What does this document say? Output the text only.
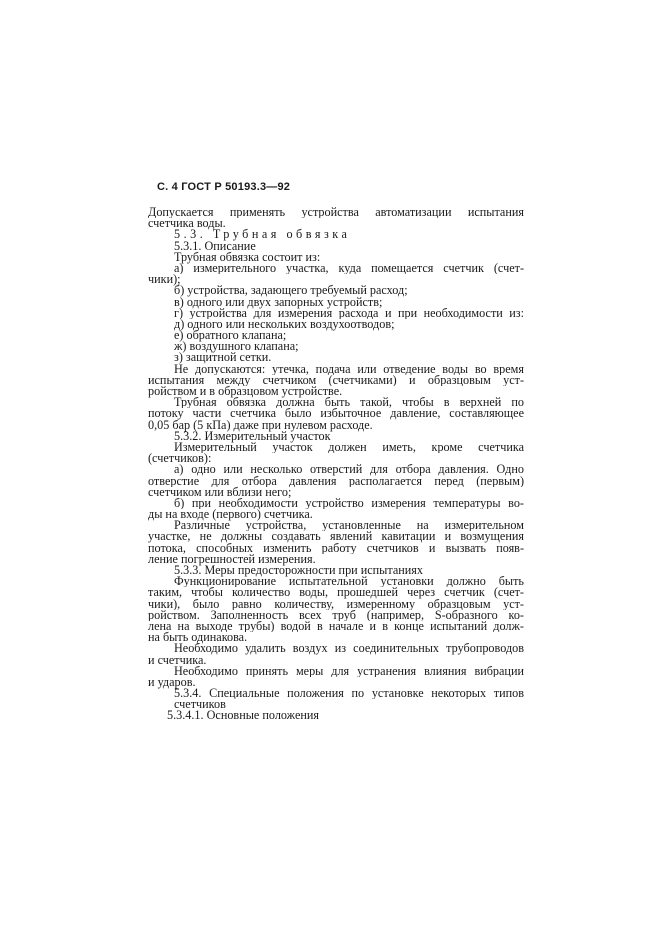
С. 4 ГОСТ Р 50193.3—92
Допускается применять устройства автоматизации испытания
счетчика воды.
5.3. Трубная обвязка
5.3.1. Описание
Трубная обвязка состоит из:
а) измерительного участка, куда помещается счетчик (счет-
чики);
б) устройства, задающего требуемый расход;
в) одного или двух запорных устройств;
г) устройства для измерения расхода и при необходимости из:
д) одного или нескольких воздухоотводов;
е) обратного клапана;
ж) воздушного клапана;
з) защитной сетки.
Не допускаются: утечка, подача или отведение воды во время
испытания между счетчиком (счетчиками) и образцовым уст-
ройством и в образцовом устройстве.
Трубная обвязка должна быть такой, чтобы в верхней по
потоку части счетчика было избыточное давление, составляющее
0,05 бар (5 кПа) даже при нулевом расходе.
5.3.2. Измерительный участок
Измерительный участок должен иметь, кроме счетчика
(счетчиков):
а) одно или несколько отверстий для отбора давления. Одно
отверстие для отбора давления располагается перед (первым)
счетчиком или вблизи него;
б) при необходимости устройство измерения температуры во-
ды на входе (первого) счетчика.
Различные устройства, установленные на измерительном
участке, не должны создавать явлений кавитации и возмущения
потока, способных изменить работу счетчиков и вызвать появ-
ление погрешностей измерения.
5.3.3. Меры предосторожности при испытаниях
Функционирование испытательной установки должно быть
таким, чтобы количество воды, прошедшей через счетчик (счет-
чики), было равно количеству, измеренному образцовым уст-
ройством. Заполненность всех труб (например, S-образного ко-
лена на выходе трубы) водой в начале и в конце испытаний долж-
на быть одинакова.
Необходимо удалить воздух из соединительных трубопроводов
и счетчика.
Необходимо принять меры для устранения влияния вибрации
и ударов.
5.3.4. Специальные положения по установке некоторых типов
счетчиков
5.3.4.1. Основные положения
